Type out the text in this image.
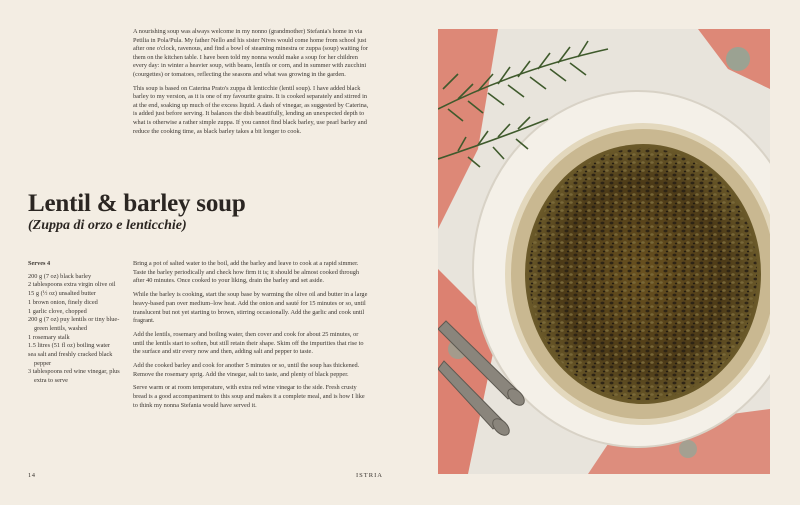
A nourishing soup was always welcome in my nonno (grandmother) Stefania's home in via Petilia in Pola/Pula. My father Nello and his sister Nives would come home from school just after one o'clock, ravenous, and find a bowl of steaming minestra or zuppa (soup) waiting for them on the kitchen table. I have been told my nonna would make a soup for her children every day: in winter a heavier soup, with beans, lentils or corn, and in summer with zucchini (courgettes) or tomatoes, reflecting the seasons and what was growing in the garden.

This soup is based on Caterina Prato's zuppa di lenticchie (lentil soup). I have added black barley to my version, as it is one of my favourite grains. It is cooked separately and stirred in at the end, soaking up much of the excess liquid. A dash of vinegar, as suggested by Caterina, is added just before serving. It balances the dish beautifully, lending an unexpected depth to what is otherwise a rather simple zuppa. If you cannot find black barley, use pearl barley and reduce the cooking time, as black barley takes a bit longer to cook.

Lentil & barley soup
(Zuppa di orzo e lenticchie)
Serves 4
200 g (7 oz) black barley
2 tablespoons extra virgin olive oil
15 g (½ oz) unsalted butter
1 brown onion, finely diced
1 garlic clove, chopped
200 g (7 oz) puy lentils or tiny blue-green lentils, washed
1 rosemary stalk
1.5 litres (51 fl oz) boiling water
sea salt and freshly cracked black pepper
3 tablespoons red wine vinegar, plus extra to serve

Bring a pot of salted water to the boil, add the barley and leave to cook at a rapid simmer. Taste the barley periodically and check how firm it is; it should be almost cooked through after 40 minutes. Once cooked to your liking, drain the barley and set aside.

While the barley is cooking, start the soup base by warming the olive oil and butter in a large heavy-based pan over medium–low heat. Add the onion and sauté for 15 minutes or so, until translucent but not yet starting to brown, stirring occasionally. Add the garlic and cook until fragrant.

Add the lentils, rosemary and boiling water, then cover and cook for about 25 minutes, or until the lentils start to soften, but still retain their shape. Skim off the impurities that rise to the surface and stir every now and then, adding salt and pepper to taste.

Add the cooked barley and cook for another 5 minutes or so, until the soup has thickened. Remove the rosemary sprig. Add the vinegar, salt to taste, and plenty of black pepper.

Serve warm or at room temperature, with extra red wine vinegar to the side. Fresh crusty bread is a good accompaniment to this soup and makes it a complete meal, and is how I like to think my nonna Stefania would have served it.

14	ISTRIA
